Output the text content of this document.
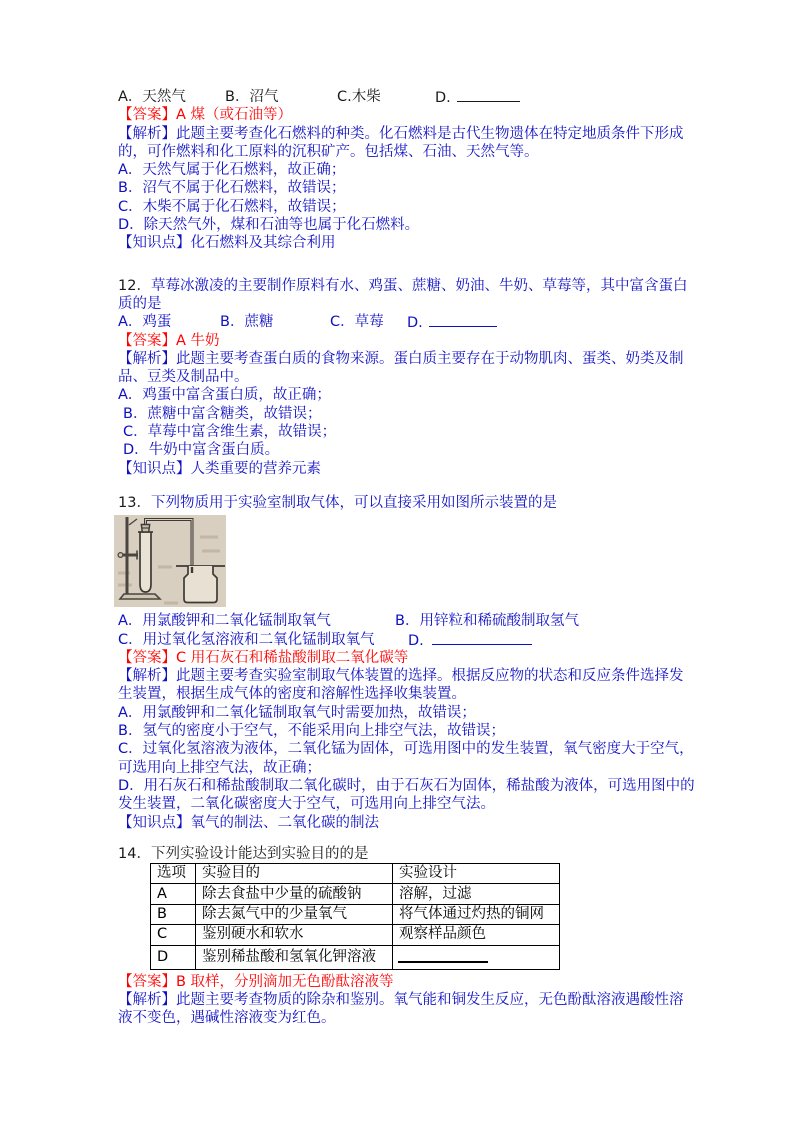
A．天然气	B．沼气	C.木柴	D.
【答案】A 煤（或石油等）
【解析】此题主要考查化石燃料的种类。化石燃料是古代生物遗体在特定地质条件下形成
的，可作燃料和化工原料的沉积矿产。包括煤、石油、天然气等。
A．天然气属于化石燃料，故正确；
B．沼气不属于化石燃料，故错误；
C．木柴不属于化石燃料，故错误；
D．除天然气外，煤和石油等也属于化石燃料。
【知识点】化石燃料及其综合利用
12．草莓冰激凌的主要制作原料有水、鸡蛋、蔗糖、奶油、牛奶、草莓等，其中富含蛋白
质的是
A．鸡蛋	B．蔗糖	C．草莓 D.
【答案】A 牛奶
【解析】此题主要考查蛋白质的食物来源。蛋白质主要存在于动物肌肉、蛋类、奶类及制
品、豆类及制品中。
A．鸡蛋中富含蛋白质，故正确；
B．蔗糖中富含糖类，故错误；
C．草莓中富含维生素，故错误；
D．牛奶中富含蛋白质。
【知识点】人类重要的营养元素
13．下列物质用于实验室制取气体，可以直接采用如图所示装置的是
A．用氯酸钾和二氧化锰制取氧气	B．用锌粒和稀硫酸制取氢气
C．用过氧化氢溶液和二氧化锰制取氧气 D.
【答案】C 用石灰石和稀盐酸制取二氧化碳等
【解析】此题主要考查实验室制取气体装置的选择。根据反应物的状态和反应条件选择发
生装置，根据生成气体的密度和溶解性选择收集装置。
A．用氯酸钾和二氧化锰制取氧气时需要加热，故错误；
B．氢气的密度小于空气，不能采用向上排空气法，故错误；
C．过氧化氢溶液为液体，二氧化锰为固体，可选用图中的发生装置，氧气密度大于空气，
可选用向上排空气法，故正确；
D．用石灰石和稀盐酸制取二氧化碳时，由于石灰石为固体，稀盐酸为液体，可选用图中的
发生装置，二氧化碳密度大于空气，可选用向上排空气法。
【知识点】氧气的制法、二氧化碳的制法
14．下列实验设计能达到实验目的的是
选项	实验目的	实验设计
A	除去食盐中少量的硫酸钠	溶解，过滤
B	除去氮气中的少量氧气	将气体通过灼热的铜网
C	鉴别硬水和软水	观察样品颜色
D	鉴别稀盐酸和氢氧化钾溶液	
【答案】B 取样，分别滴加无色酚酞溶液等
【解析】此题主要考查物质的除杂和鉴别。氧气能和铜发生反应，无色酚酞溶液遇酸性溶
液不变色，遇碱性溶液变为红色。
